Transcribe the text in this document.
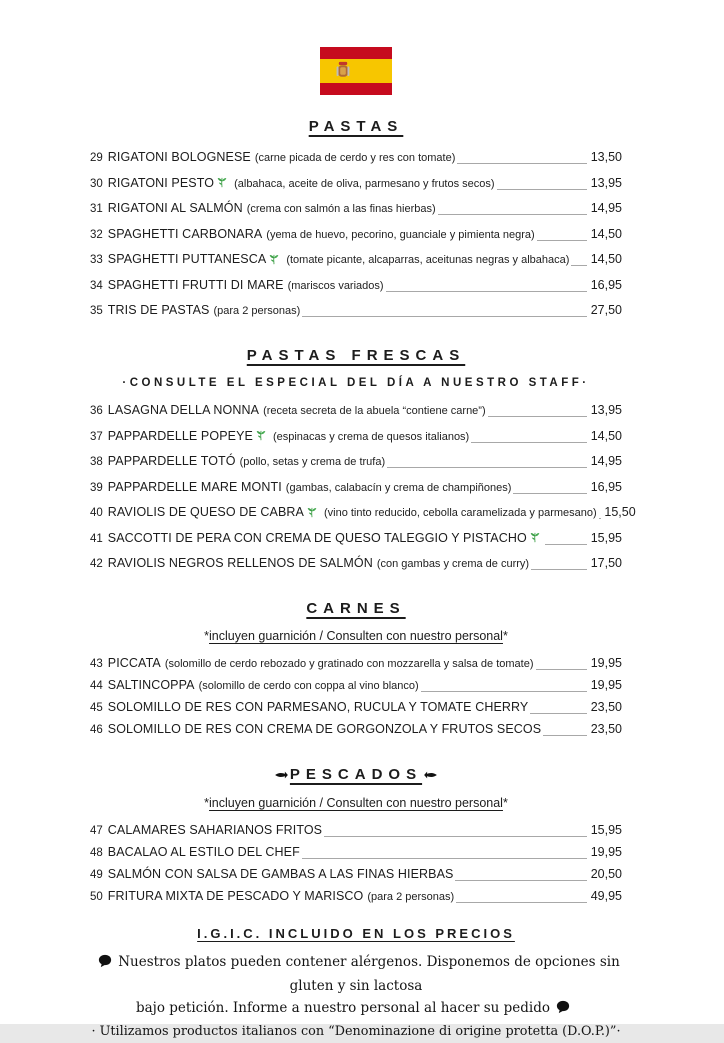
PASTAS
29 RIGATONI BOLOGNESE (carne picada de cerdo y res con tomate)	13,50
30 RIGATONI PESTO (albahaca, aceite de oliva, parmesano y frutos secos)	13,95
31 RIGATONI AL SALMÓN (crema con salmón a las finas hierbas)	14,95
32 SPAGHETTI CARBONARA (yema de huevo, pecorino, guanciale y pimienta negra)	14,50
33 SPAGHETTI PUTTANESCA (tomate picante, alcaparras, aceitunas negras y albahaca) 14,50
34 SPAGHETTI FRUTTI DI MARE (mariscos variados)	16,95
35 TRIS DE PASTAS (para 2 personas)	27,50
PASTAS FRESCAS
·CONSULTE EL ESPECIAL DEL DÍA A NUESTRO STAFF·
36 LASAGNA DELLA NONNA (receta secreta de la abuela “contiene carne”)	13,95
37 PAPPARDELLE POPEYE (espinacas y crema de quesos italianos)	14,50
38 PAPPARDELLE TOTÓ (pollo, setas y crema de trufa)	14,95
39 PAPPARDELLE MARE MONTI (gambas, calabacín y crema de champiñones)	16,95
40 RAVIOLIS DE QUESO DE CABRA (vino tinto reducido, cebolla caramelizada y parmesano) 15,50
41 SACCOTTI DE PERA CON CREMA DE QUESO TALEGGIO Y PISTACHO	15,95
42 RAVIOLIS NEGROS RELLENOS DE SALMÓN (con gambas y crema de curry)	17,50
CARNES
*incluyen guarnición / Consulten con nuestro personal*
43 PICCATA (solomillo de cerdo rebozado y gratinado con mozzarella y salsa de tomate)	19,95
44 SALTINCOPPA (solomillo de cerdo con coppa al vino blanco)	19,95
45 SOLOMILLO DE RES CON PARMESANO, RUCULA Y TOMATE CHERRY	23,50
46 SOLOMILLO DE RES CON CREMA DE GORGONZOLA Y FRUTOS SECOS	23,50
PESCADOS
*incluyen guarnición / Consulten con nuestro personal*
47 CALAMARES SAHARIANOS FRITOS	15,95
48 BACALAO AL ESTILO DEL CHEF	19,95
49 SALMÓN CON SALSA DE GAMBAS A LAS FINAS HIERBAS	20,50
50 FRITURA MIXTA DE PESCADO Y MARISCO (para 2 personas)	49,95
I.G.I.C. INCLUIDO EN LOS PRECIOS
Nuestros platos pueden contener alérgenos. Disponemos de opciones sin gluten y sin lactosa
bajo petición. Informe a nuestro personal al hacer su pedido
· Utilizamos productos italianos con “Denominazione di origine protetta (D.O.P.)”·
